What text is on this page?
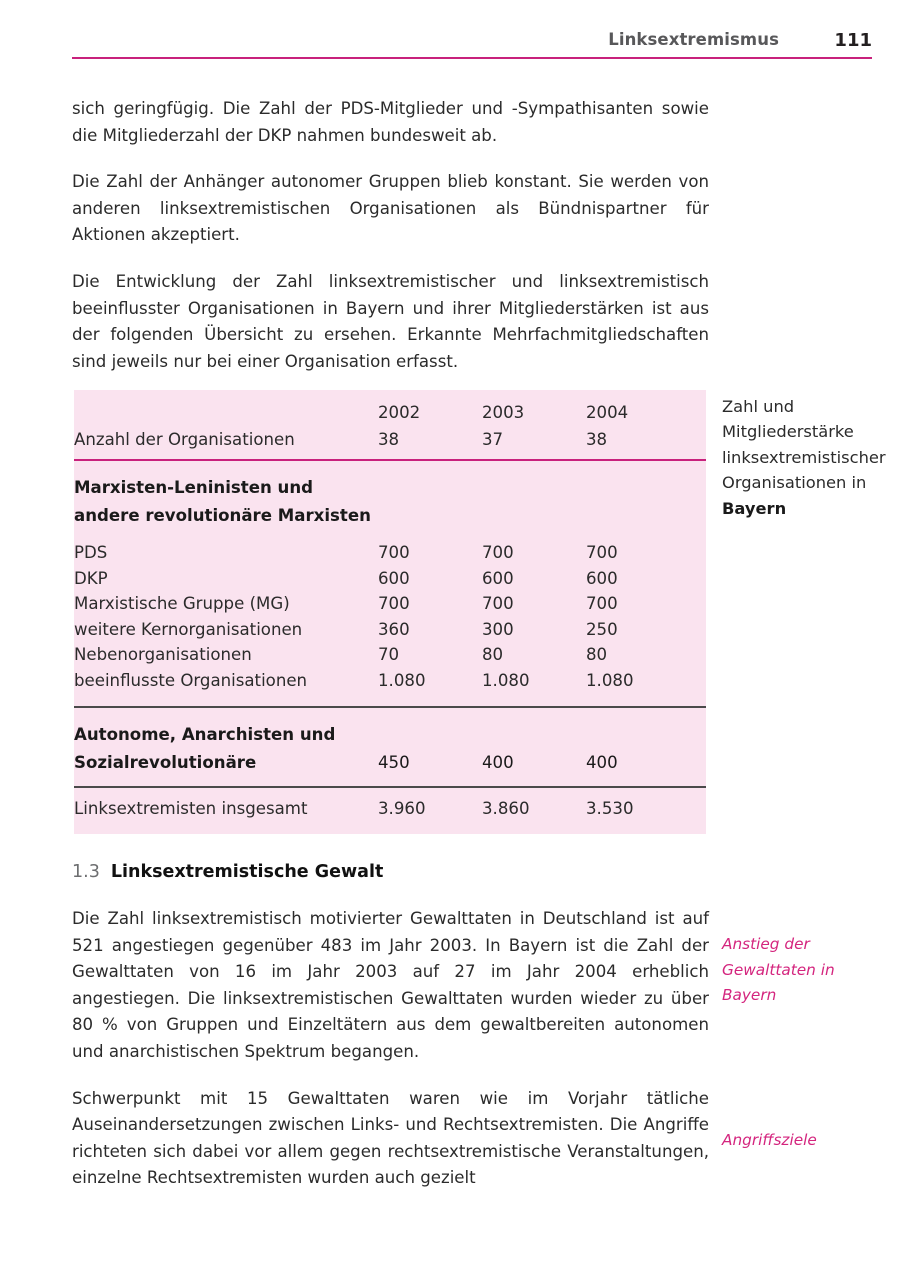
Linksextremismus	111

sich geringfügig. Die Zahl der PDS-Mitglieder und -Sympathisanten sowie die Mitgliederzahl der DKP nahmen bundesweit ab.

Die Zahl der Anhänger autonomer Gruppen blieb konstant. Sie werden von anderen linksextremistischen Organisationen als Bündnispartner für Aktionen akzeptiert.

Die Entwicklung der Zahl linksextremistischer und linksextremistisch beeinflusster Organisationen in Bayern und ihrer Mitgliederstärken ist aus der folgenden Übersicht zu ersehen. Erkannte Mehrfachmitgliedschaften sind jeweils nur bei einer Organisation erfasst.

	2002	2003	2004
Anzahl der Organisationen	38	37	38

Marxisten-Leninisten und			
andere revolutionäre Marxisten			
PDS	700	700	700
DKP	600	600	600
Marxistische Gruppe (MG)	700	700	700
weitere Kernorganisationen	360	300	250
Nebenorganisationen	70	80	80
beeinflusste Organisationen	1.080	1.080	1.080

Autonome, Anarchisten und			
Sozialrevolutionäre	450	400	400

Linksextremisten insgesamt	3.960	3.860	3.530
Zahl und Mitgliederstärke linksextremistischer Organisationen in Bayern
1.3 Linksextremistische Gewalt

Die Zahl linksextremistisch motivierter Gewalttaten in Deutschland ist auf 521 angestiegen gegenüber 483 im Jahr 2003. In Bayern ist die Zahl der Gewalttaten von 16 im Jahr 2003 auf 27 im Jahr 2004 erheblich angestiegen. Die linksextremistischen Gewalttaten wurden wieder zu über 80 % von Gruppen und Einzeltätern aus dem gewaltbereiten autonomen und anarchistischen Spektrum begangen.

Schwerpunkt mit 15 Gewalttaten waren wie im Vorjahr tätliche Auseinandersetzungen zwischen Links- und Rechtsextremisten. Die Angriffe richteten sich dabei vor allem gegen rechtsextremistische Veranstaltungen, einzelne Rechtsextremisten wurden auch gezielt

Anstieg der Gewalttaten in Bayern
Angriffsziele
